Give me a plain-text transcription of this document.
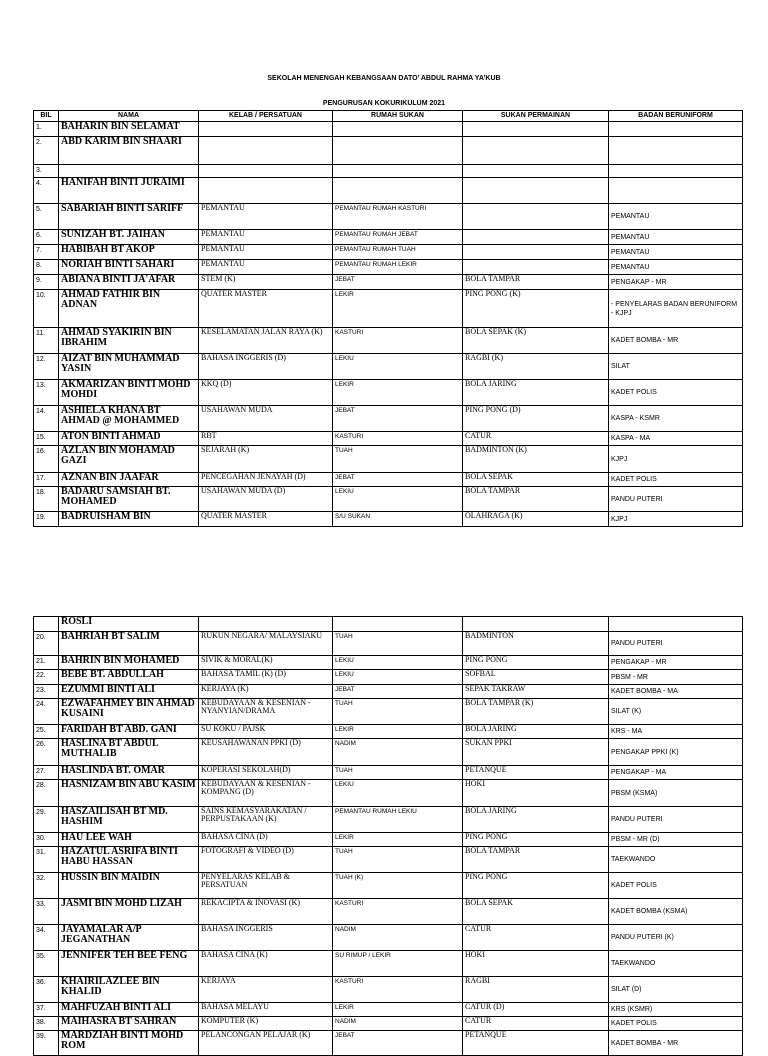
SEKOLAH MENENGAH KEBANGSAAN DATO’ ABDUL RAHMA YA’KUB
PENGURUSAN KOKURIKULUM 2021
BIL	NAMA	KELAB / PERSATUAN	RUMAH SUKAN	SUKAN PERMAINAN	BADAN BERUNIFORM
1.	BAHARIN BIN SELAMAT				
2.	ABD KARIM BIN SHAARI				
3.					
4.	HANIFAH BINTI JURAIMI				
5.	SABARIAH BINTI SARIFF	PEMANTAU	PEMANTAU RUMAH KASTURI		PEMANTAU
6.	SUNIZAH BT. JAIHAN	PEMANTAU	PEMANTAU RUMAH JEBAT		PEMANTAU
7.	HABIBAH BT AKOP	PEMANTAU	PEMANTAU RUMAH TUAH		PEMANTAU
8.	NORIAH BINTI SAHARI	PEMANTAU	PEMANTAU RUMAH LEKIR		PEMANTAU
9.	ABIANA BINTI JA'AFAR	STEM (K)	JEBAT	BOLA TAMPAR	PENGAKAP - MR
10.	AHMAD FATHIR BIN ADNAN	QUATER MASTER	LEKIR	PING PONG (K)	- PENYELARAS BADAN BERUNIFORM
- KJPJ
11.	AHMAD SYAKIRIN BIN IBRAHIM	KESELAMATAN JALAN RAYA (K)	KASTURI	BOLA SEPAK (K)	KADET BOMBA - MR
12.	AIZAT BIN MUHAMMAD YASIN	BAHASA INGGERIS (D)	LEKIU	RAGBI (K)	SILAT
13.	AKMARIZAN BINTI MOHD MOHDI	KKQ (D)	LEKIR	BOLA JARING	KADET POLIS
14.	ASHIELA KHANA BT AHMAD @ MOHAMMED	USAHAWAN MUDA	JEBAT	PING PONG (D)	KASPA - KSMR
15.	ATON BINTI AHMAD	RBT	KASTURI	CATUR	KASPA - MA
16.	AZLAN BIN MOHAMAD GAZI	SEJARAH (K)	TUAH	BADMINTON (K)	KJPJ
17.	AZNAN BIN JAAFAR	PENCEGAHAN JENAYAH (D)	JEBAT	BOLA SEPAK	KADET POLIS
18.	BADARU SAMSIAH BT. MOHAMED	USAHAWAN MUDA (D)	LEKIU	BOLA TAMPAR	PANDU PUTERI
19.	BADRUISHAM BIN	QUATER MASTER	S/U SUKAN	OLAHRAGA (K)	KJPJ
	ROSLI				
20.	BAHRIAH BT SALIM	RUKUN NEGARA/ MALAYSIAKU	TUAH	BADMINTON	PANDU PUTERI
21.	BAHRIN BIN MOHAMED	SIVIK & MORAL(K)	LEKIU	PING PONG	PENGAKAP - MR
22.	BEBE BT. ABDULLAH	BAHASA TAMIL (K) (D)	LEKIU	SOFBAL	PBSM - MR
23.	EZUMMI BINTI ALI	KERJAYA (K)	JEBAT	SEPAK TAKRAW	KADET BOMBA - MA
24.	EZWAFAHMEY BIN AHMAD KUSAINI	KEBUDAYAAN & KESENIAN - NYANYIAN/DRAMA	TUAH	BOLA TAMPAR (K)	SILAT (K)
25.	FARIDAH BT ABD. GANI	SU KOKU / PAJSK	LEKIR	BOLA JARING	KRS - MA
26.	HASLINA BT ABDUL MUTHALIB	KEUSAHAWANAN PPKI (D)	NADIM	SUKAN PPKI	PENGAKAP PPKI (K)
27.	HASLINDA BT. OMAR	KOPERASI SEKOLAH(D)	TUAH	PETANQUE	PENGAKAP - MA
28.	HASNIZAM BIN ABU KASIM	KEBUDAYAAN & KESENIAN - KOMPANG (D)	LEKIU	HOKI	PBSM (KSMA)
29.	HASZAILISAH BT MD. HASHIM	SAINS KEMASYARAKATAN / PERPUSTAKAAN (K)	PEMANTAU RUMAH LEKIU	BOLA JARING	PANDU PUTERI
30.	HAU LEE WAH	BAHASA CINA (D)	LEKIR	PING PONG	PBSM - MR (D)
31.	HAZATUL ASRIFA BINTI HABU HASSAN	FOTOGRAFI & VIDEO (D)	TUAH	BOLA TAMPAR	TAEKWANDO
32.	HUSSIN BIN MAIDIN	PENYELARAS KELAB & PERSATUAN	TUAH (K)	PING PONG	KADET POLIS
33.	JASMI BIN MOHD LIZAH	REKACIPTA & INOVASI (K)	KASTURI	BOLA SEPAK	KADET BOMBA (KSMA)
34.	JAYAMALAR A/P JEGANATHAN	BAHASA INGGERIS	NADIM	CATUR	PANDU PUTERI (K)
35.	JENNIFER TEH BEE FENG	BAHASA CINA (K)	SU RIMUP / LEKIR	HOKI	TAEKWANDO
36.	KHAIRILAZLEE BIN KHALID	KERJAYA	KASTURI	RAGBI	SILAT (D)
37.	MAHFUZAH BINTI ALI	BAHASA MELAYU	LEKIR	CATUR (D)	KRS (KSMR)
38.	MAIHASRA BT SAHRAN	KOMPUTER (K)	NADIM	CATUR	KADET POLIS
39.	MARDZIAH BINTI MOHD ROM	PELANCONGAN PELAJAR (K)	JEBAT	PETANQUE	KADET BOMBA - MR
